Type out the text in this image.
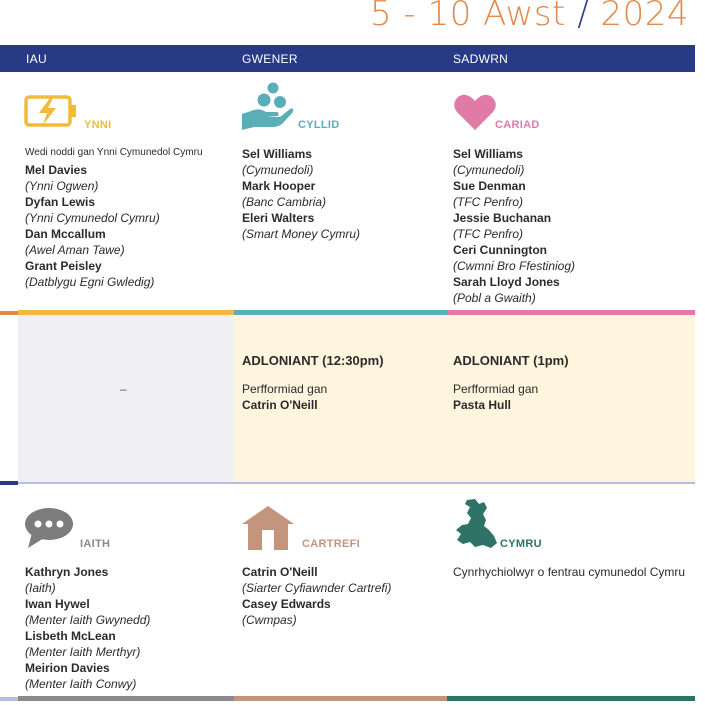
5 - 10 Awst / 2024
IAU	GWENER	SADWRN
YNNI
Wedi noddi gan Ynni Cymunedol Cymru
Mel Davies
(Ynni Ogwen)
Dyfan Lewis
(Ynni Cymunedol Cymru)
Dan Mccallum
(Awel Aman Tawe)
Grant Peisley
(Datblygu Egni Gwledig)
CYLLID
Sel Williams
(Cymunedoli)
Mark Hooper
(Banc Cambria)
Eleri Walters
(Smart Money Cymru)
CARIAD
Sel Williams
(Cymunedoli)
Sue Denman
(TFC Penfro)
Jessie Buchanan
(TFC Penfro)
Ceri Cunnington
(Cwmni Bro Ffestiniog)
Sarah Lloyd Jones
(Pobl a Gwaith)
–
ADLONIANT (12:30pm)
Perfformiad gan
Catrin O'Neill
ADLONIANT (1pm)
Perfformiad gan
Pasta Hull
IAITH
Kathryn Jones
(Iaith)
Iwan Hywel
(Menter Iaith Gwynedd)
Lisbeth McLean
(Menter Iaith Merthyr)
Meirion Davies
(Menter Iaith Conwy)
CARTREFI
Catrin O'Neill
(Siarter Cyfiawnder Cartrefi)
Casey Edwards
(Cwmpas)
CYMRU
Cynrhychiolwyr o fentrau cymunedol Cymru
